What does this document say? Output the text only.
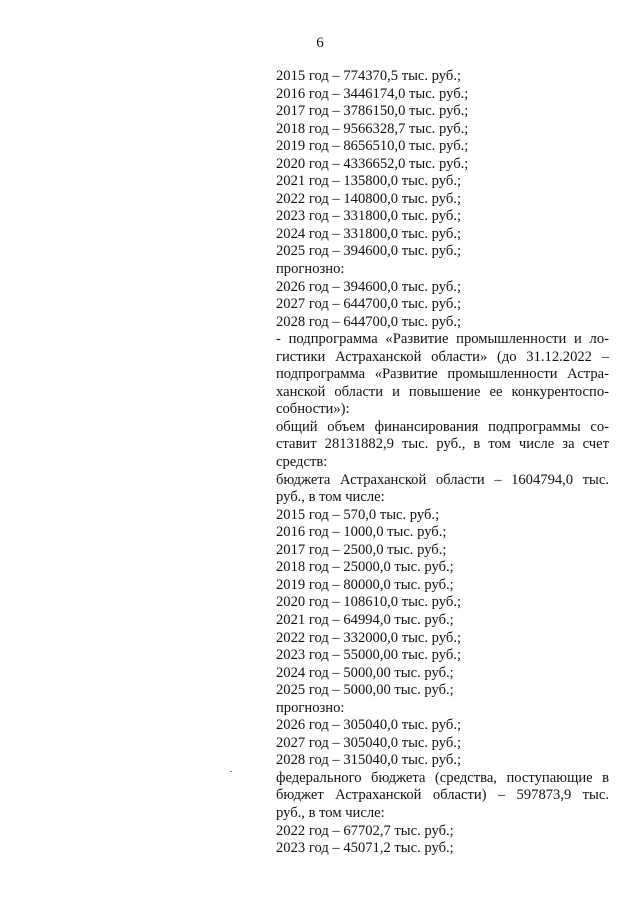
6
2015 год – 774370,5 тыс. руб.;
2016 год – 3446174,0 тыс. руб.;
2017 год – 3786150,0 тыс. руб.;
2018 год – 9566328,7 тыс. руб.;
2019 год – 8656510,0 тыс. руб.;
2020 год – 4336652,0 тыс. руб.;
2021 год – 135800,0 тыс. руб.;
2022 год – 140800,0 тыс. руб.;
2023 год – 331800,0 тыс. руб.;
2024 год – 331800,0 тыс. руб.;
2025 год – 394600,0 тыс. руб.;
прогнозно:
2026 год – 394600,0 тыс. руб.;
2027 год – 644700,0 тыс. руб.;
2028 год – 644700,0 тыс. руб.;
- подпрограмма «Развитие промышленности и ло-
гистики Астраханской области» (до 31.12.2022 –
подпрограмма «Развитие промышленности Астра-
ханской области и повышение ее конкурентоспо-
собности»):
общий объем финансирования подпрограммы со-
ставит 28131882,9 тыс. руб., в том числе за счет
средств:
бюджета Астраханской области – 1604794,0 тыс.
руб., в том числе:
2015 год – 570,0 тыс. руб.;
2016 год – 1000,0 тыс. руб.;
2017 год – 2500,0 тыс. руб.;
2018 год – 25000,0 тыс. руб.;
2019 год – 80000,0 тыс. руб.;
2020 год – 108610,0 тыс. руб.;
2021 год – 64994,0 тыс. руб.;
2022 год – 332000,0 тыс. руб.;
2023 год – 55000,00 тыс. руб.;
2024 год – 5000,00 тыс. руб.;
2025 год – 5000,00 тыс. руб.;
прогнозно:
2026 год – 305040,0 тыс. руб.;
2027 год – 305040,0 тыс. руб.;
2028 год – 315040,0 тыс. руб.;
федерального бюджета (средства, поступающие в
бюджет Астраханской области) – 597873,9 тыс.
руб., в том числе:
2022 год – 67702,7 тыс. руб.;
2023 год – 45071,2 тыс. руб.;
